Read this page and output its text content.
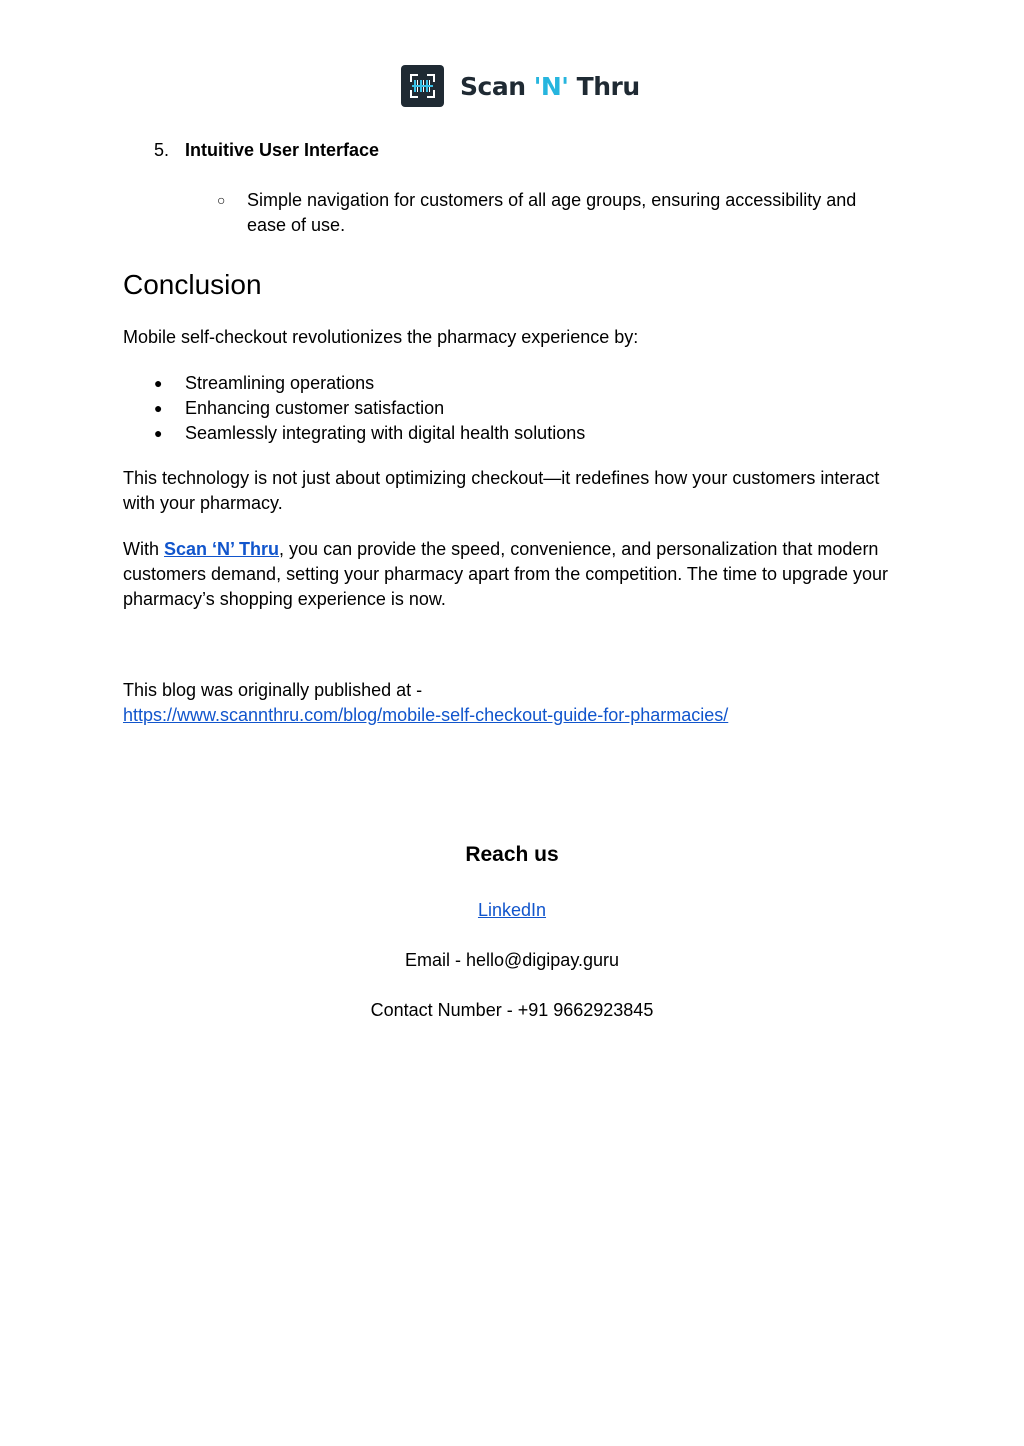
Scan 'N' Thru
5. Intuitive User Interface
○	Simple navigation for customers of all age groups, ensuring accessibility and ease of use.
Conclusion

Mobile self-checkout revolutionizes the pharmacy experience by:

● Streamlining operations
● Enhancing customer satisfaction
● Seamlessly integrating with digital health solutions

This technology is not just about optimizing checkout—it redefines how your customers interact with your pharmacy.

With Scan ‘N’ Thru, you can provide the speed, convenience, and personalization that modern customers demand, setting your pharmacy apart from the competition. The time to upgrade your pharmacy’s shopping experience is now.

This blog was originally published at -

https://www.scannthru.com/blog/mobile-self-checkout-guide-for-pharmacies/
Reach us
LinkedIn
Email - hello@digipay.guru
Contact Number - +91 9662923845
